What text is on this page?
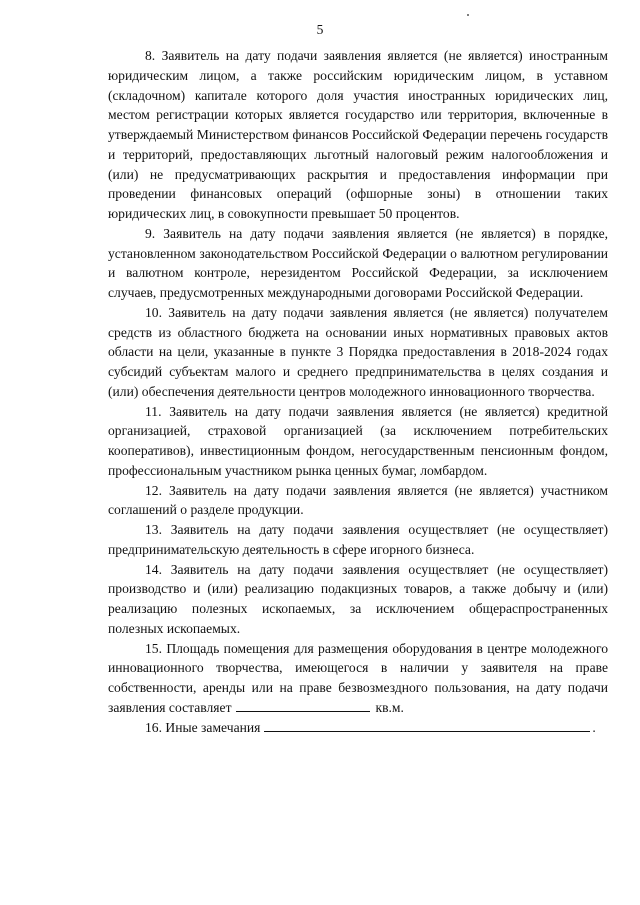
5

8. Заявитель на дату подачи заявления является (не является) иностранным юридическим лицом, а также российским юридическим лицом, в уставном (складочном) капитале которого доля участия иностранных юридических лиц, местом регистрации которых является государство или территория, включенные в утверждаемый Министерством финансов Российской Федерации перечень государств и территорий, предоставляющих льготный налоговый режим налогообложения и (или) не предусматривающих раскрытия и предоставления информации при проведении финансовых операций (офшорные зоны) в отношении таких юридических лиц, в совокупности превышает 50 процентов.

9. Заявитель на дату подачи заявления является (не является) в порядке, установленном законодательством Российской Федерации о валютном регулировании и валютном контроле, нерезидентом Российской Федерации, за исключением случаев, предусмотренных международными договорами Российской Федерации.

10. Заявитель на дату подачи заявления является (не является) получателем средств из областного бюджета на основании иных нормативных правовых актов области на цели, указанные в пункте 3 Порядка предоставления в 2018-2024 годах субсидий субъектам малого и среднего предпринимательства в целях создания и (или) обеспечения деятельности центров молодежного инновационного творчества.

11. Заявитель на дату подачи заявления является (не является) кредитной организацией, страховой организацией (за исключением потребительских кооперативов), инвестиционным фондом, негосударственным пенсионным фондом, профессиональным участником рынка ценных бумаг, ломбардом.

12. Заявитель на дату подачи заявления является (не является) участником соглашений о разделе продукции.

13. Заявитель на дату подачи заявления осуществляет (не осуществляет) предпринимательскую деятельность в сфере игорного бизнеса.

14. Заявитель на дату подачи заявления осуществляет (не осуществляет) производство и (или) реализацию подакцизных товаров, а также добычу и (или) реализацию полезных ископаемых, за исключением общераспространенных полезных ископаемых.

15. Площадь помещения для размещения оборудования в центре молодежного инновационного творчества, имеющегося в наличии у заявителя на праве собственности, аренды или на праве безвозмездного пользования, на дату подачи заявления составляет	кв.м.

16. Иные замечания	.
